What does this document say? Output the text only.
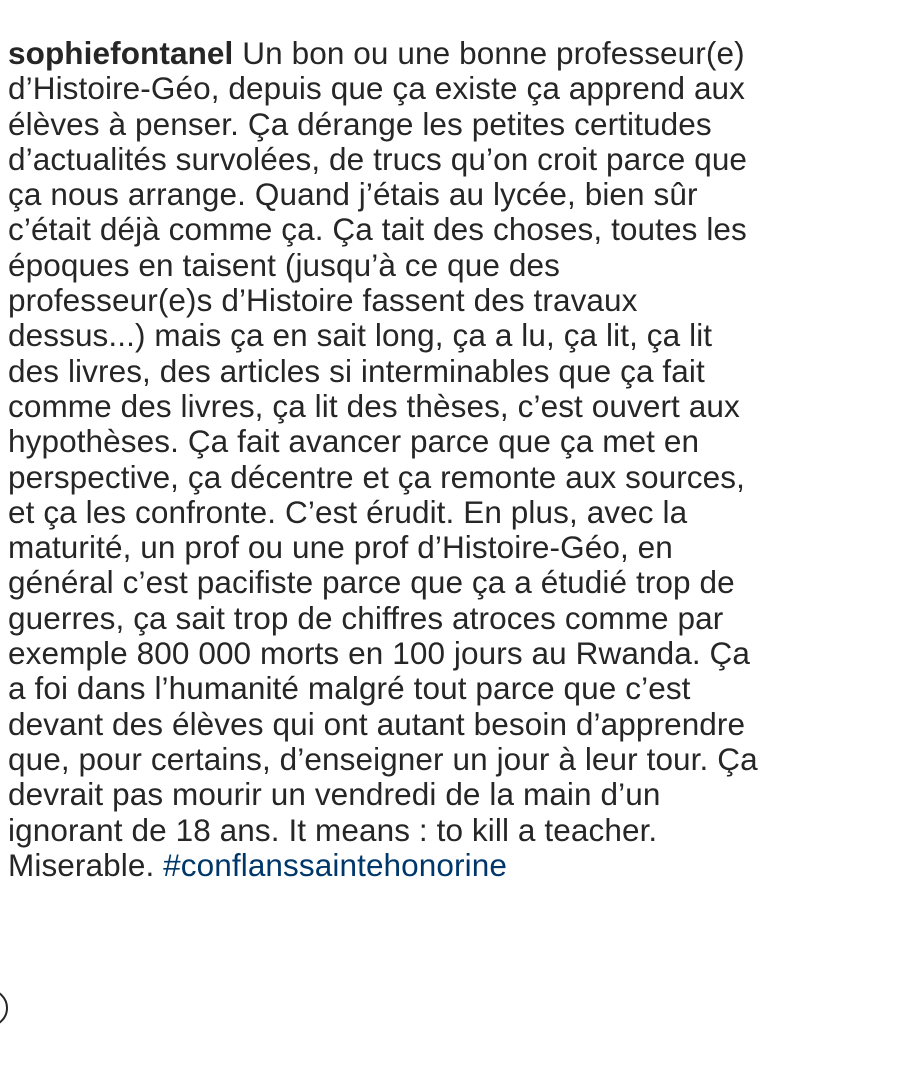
sophiefontanel Un bon ou une bonne professeur(e)
d’Histoire-Géo, depuis que ça existe ça apprend aux
élèves à penser. Ça dérange les petites certitudes
d’actualités survolées, de trucs qu’on croit parce que
ça nous arrange. Quand j’étais au lycée, bien sûr
c’était déjà comme ça. Ça tait des choses, toutes les
époques en taisent (jusqu’à ce que des
professeur(e)s d’Histoire fassent des travaux
dessus...) mais ça en sait long, ça a lu, ça lit, ça lit
des livres, des articles si interminables que ça fait
comme des livres, ça lit des thèses, c’est ouvert aux
hypothèses. Ça fait avancer parce que ça met en
perspective, ça décentre et ça remonte aux sources,
et ça les confronte. C’est érudit. En plus, avec la
maturité, un prof ou une prof d’Histoire-Géo, en
général c’est pacifiste parce que ça a étudié trop de
guerres, ça sait trop de chiffres atroces comme par
exemple 800 000 morts en 100 jours au Rwanda. Ça
a foi dans l’humanité malgré tout parce que c’est
devant des élèves qui ont autant besoin d’apprendre
que, pour certains, d’enseigner un jour à leur tour. Ça
devrait pas mourir un vendredi de la main d’un
ignorant de 18 ans. It means : to kill a teacher.
Miserable. #conflanssaintehonorine
